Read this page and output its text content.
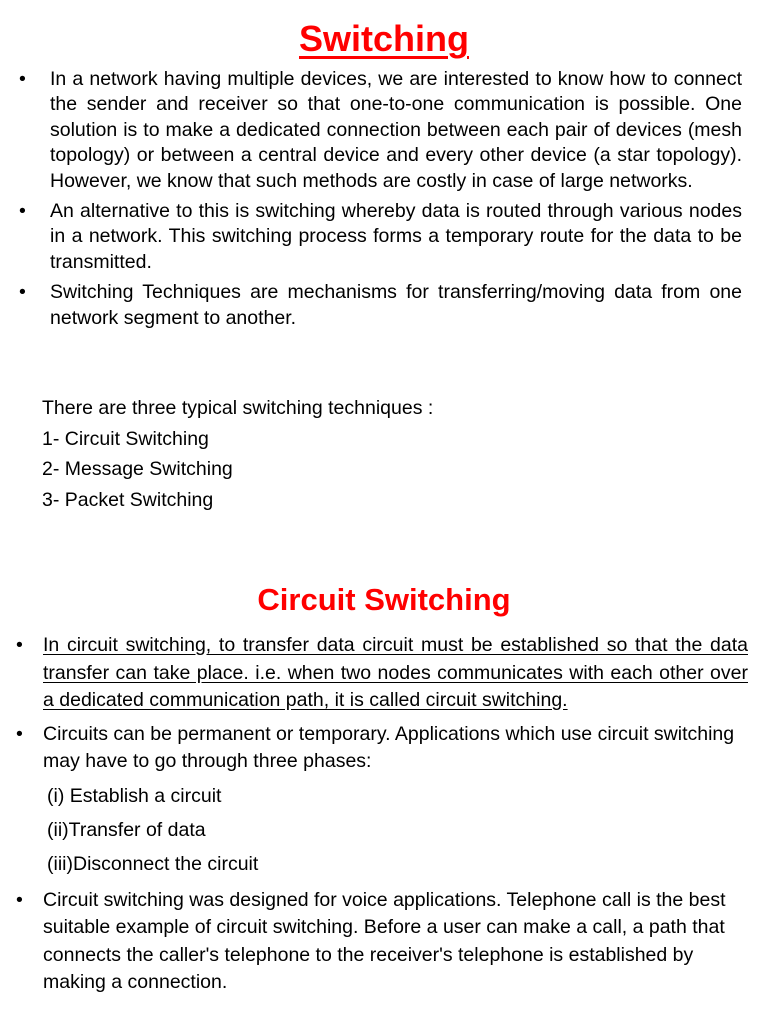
Switching
• In a network having multiple devices, we are interested to know how to connect the sender and receiver so that one-to-one communication is possible. One solution is to make a dedicated connection between each pair of devices (mesh topology) or between a central device and every other device (a star topology). However, we know that such methods are costly in case of large networks.
• An alternative to this is switching whereby data is routed through various nodes in a network. This switching process forms a temporary route for the data to be transmitted.
• Switching Techniques are mechanisms for transferring/moving data from one network segment to another.
There are three typical switching techniques :
1- Circuit Switching
2- Message Switching
3- Packet Switching
Circuit Switching
• In circuit switching, to transfer data circuit must be established so that the data transfer can take place. i.e. when two nodes communicates with each other over a dedicated communication path, it is called circuit switching.
• Circuits can be permanent or temporary. Applications which use circuit switching may have to go through three phases:
(i) Establish a circuit
(ii)Transfer of data
(iii)Disconnect the circuit
• Circuit switching was designed for voice applications. Telephone call is the best suitable example of circuit switching. Before a user can make a call, a path that connects the caller's telephone to the receiver's telephone is established by making a connection.
